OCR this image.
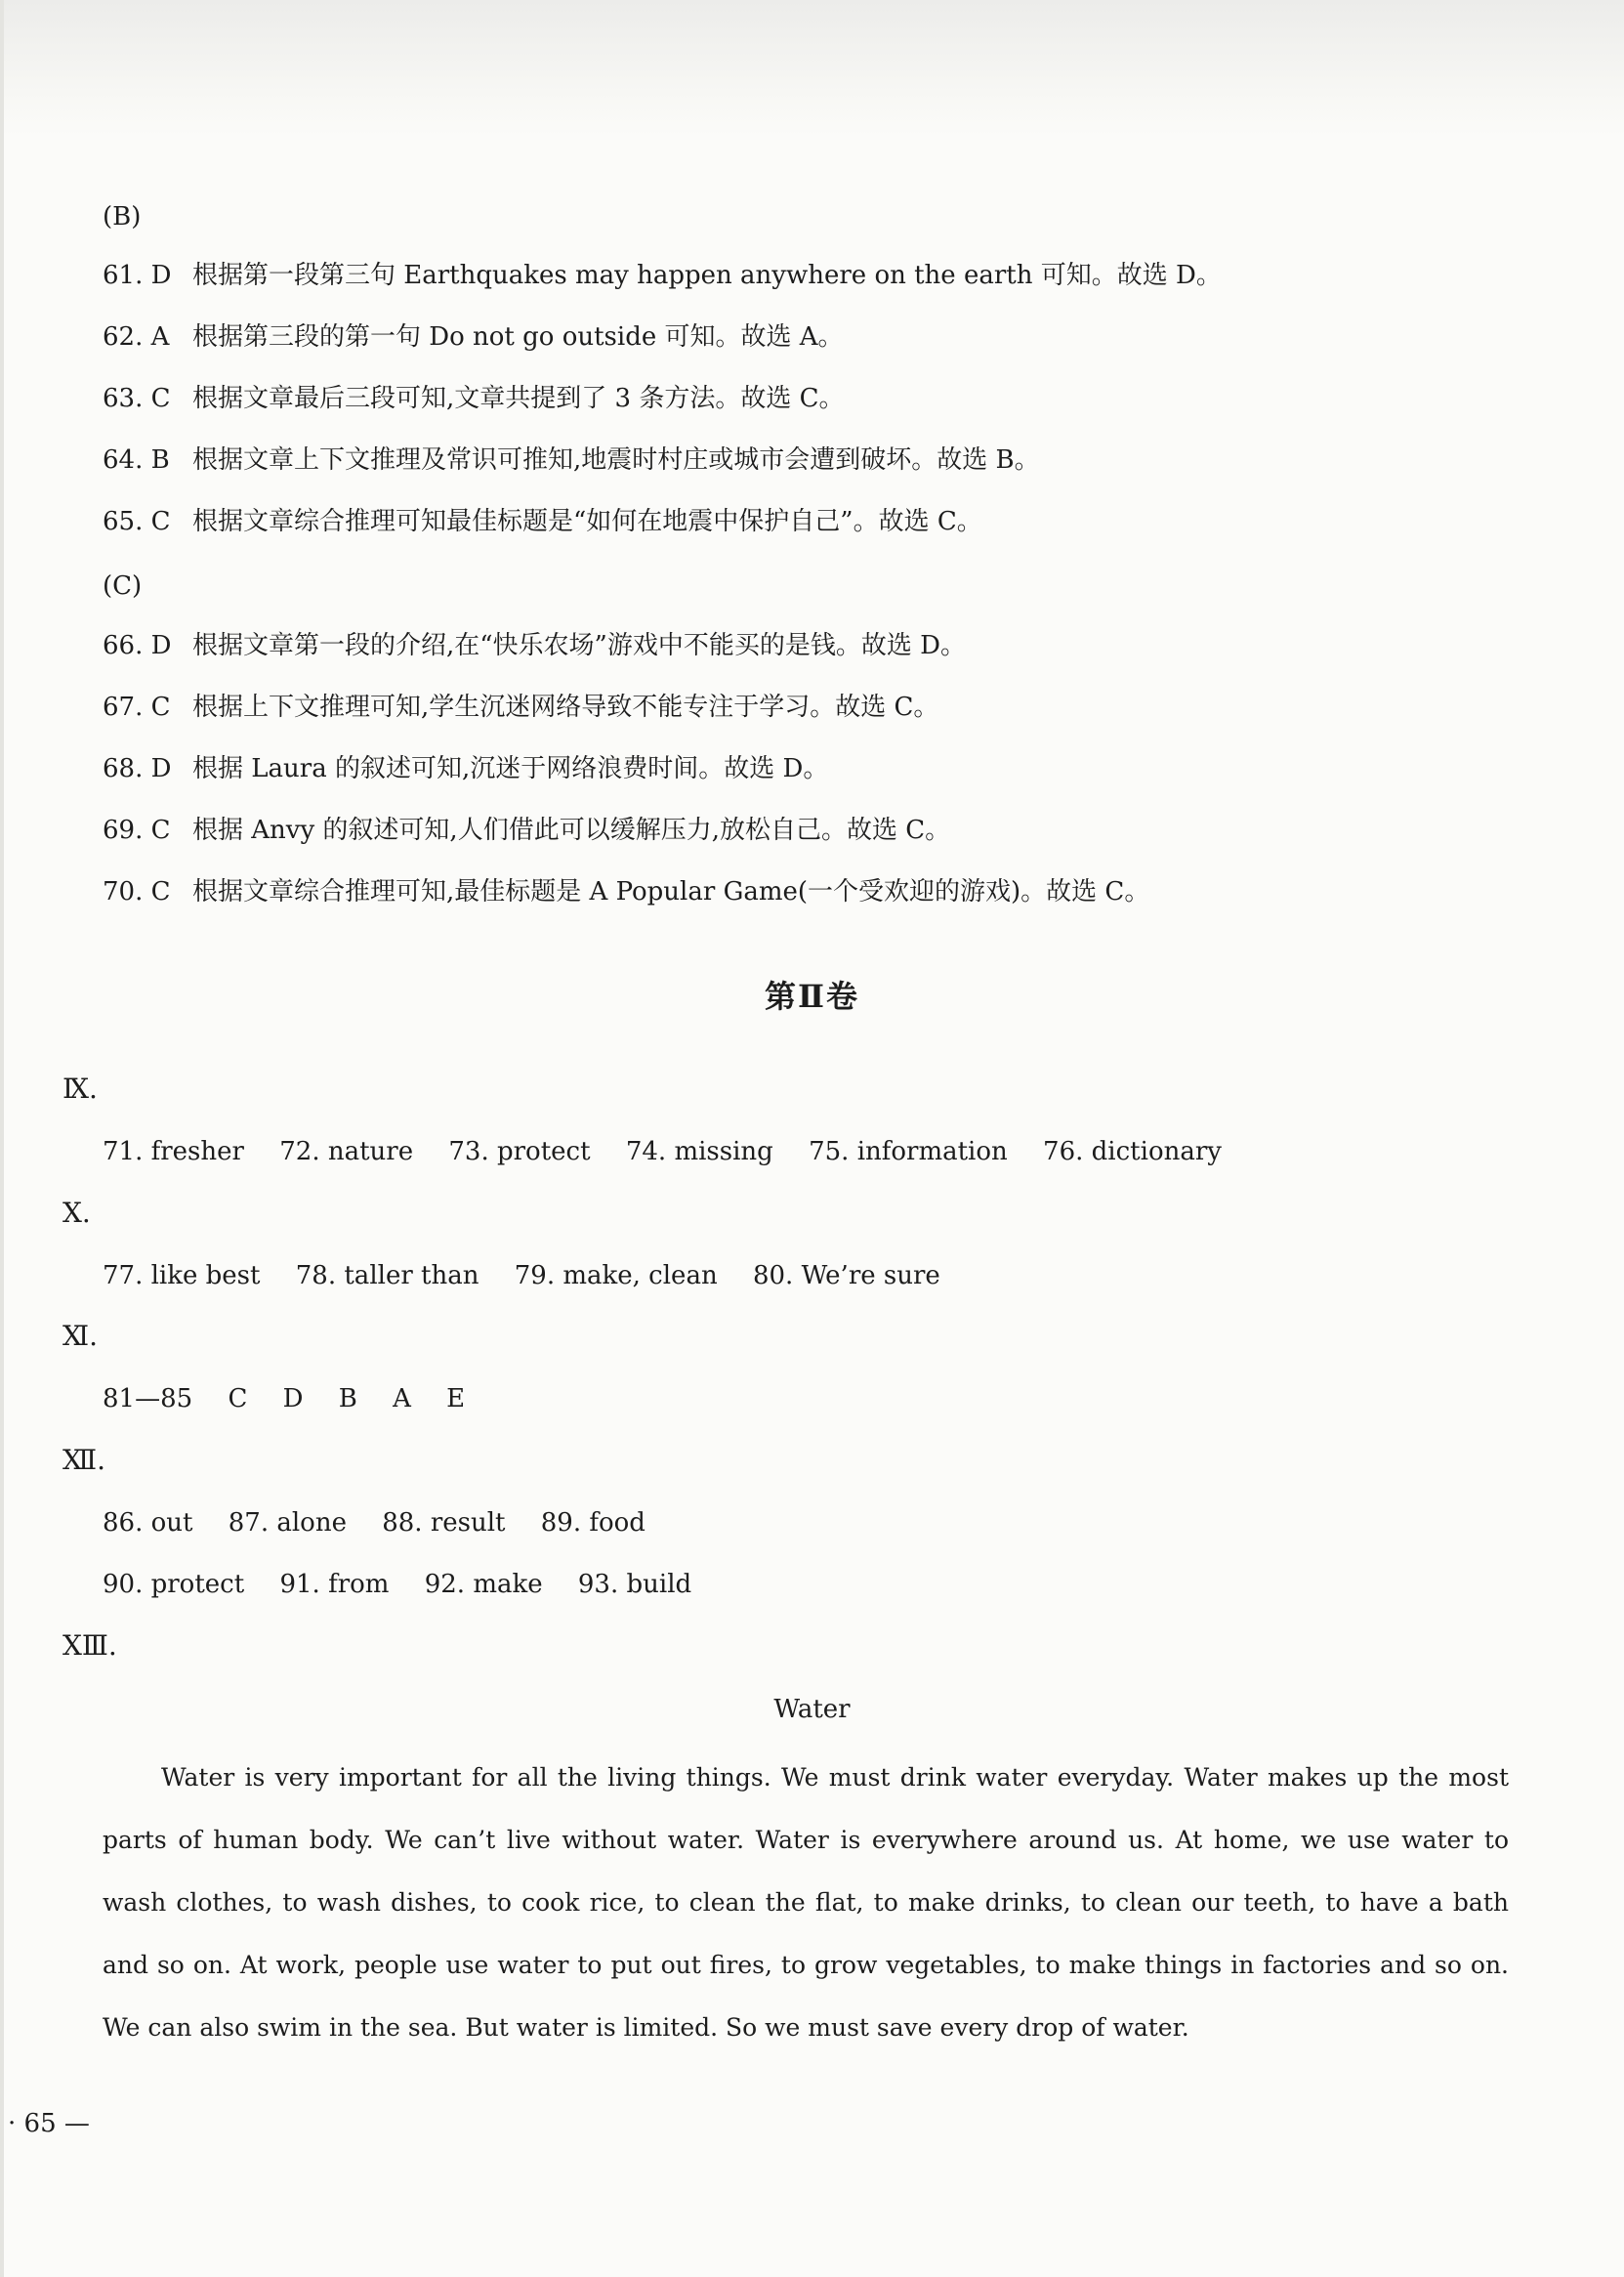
(B)
61. D 根据第一段第三句 Earthquakes may happen anywhere on the earth 可知。故选 D。
62. A 根据第三段的第一句 Do not go outside 可知。故选 A。
63. C 根据文章最后三段可知,文章共提到了 3 条方法。故选 C。
64. B 根据文章上下文推理及常识可推知,地震时村庄或城市会遭到破坏。故选 B。
65. C 根据文章综合推理可知最佳标题是“如何在地震中保护自己”。故选 C。
(C)
66. D 根据文章第一段的介绍,在“快乐农场”游戏中不能买的是钱。故选 D。
67. C 根据上下文推理可知,学生沉迷网络导致不能专注于学习。故选 C。
68. D 根据 Laura 的叙述可知,沉迷于网络浪费时间。故选 D。
69. C 根据 Anvy 的叙述可知,人们借此可以缓解压力,放松自己。故选 C。
70. C 根据文章综合推理可知,最佳标题是 A Popular Game(一个受欢迎的游戏)。故选 C。
第Ⅱ卷
Ⅸ.
71. fresher 72. nature 73. protect 74. missing 75. information 76. dictionary
Ⅹ.
77. like best 78. taller than 79. make, clean 80. We’re sure
Ⅺ.
81—85 C D B A E
Ⅻ.
86. out 87. alone 88. result 89. food
90. protect 91. from 92. make 93. build
XⅢ.
Water
Water is very important for all the living things. We must drink water everyday. Water makes up the most parts of human body. We can’t live without water. Water is everywhere around us. At home, we use water to wash clothes, to wash dishes, to cook rice, to clean the flat, to make drinks, to clean our teeth, to have a bath and so on. At work, people use water to put out fires, to grow vegetables, to make things in factories and so on. We can also swim in the sea. But water is limited. So we must save every drop of water.
· 65 —
